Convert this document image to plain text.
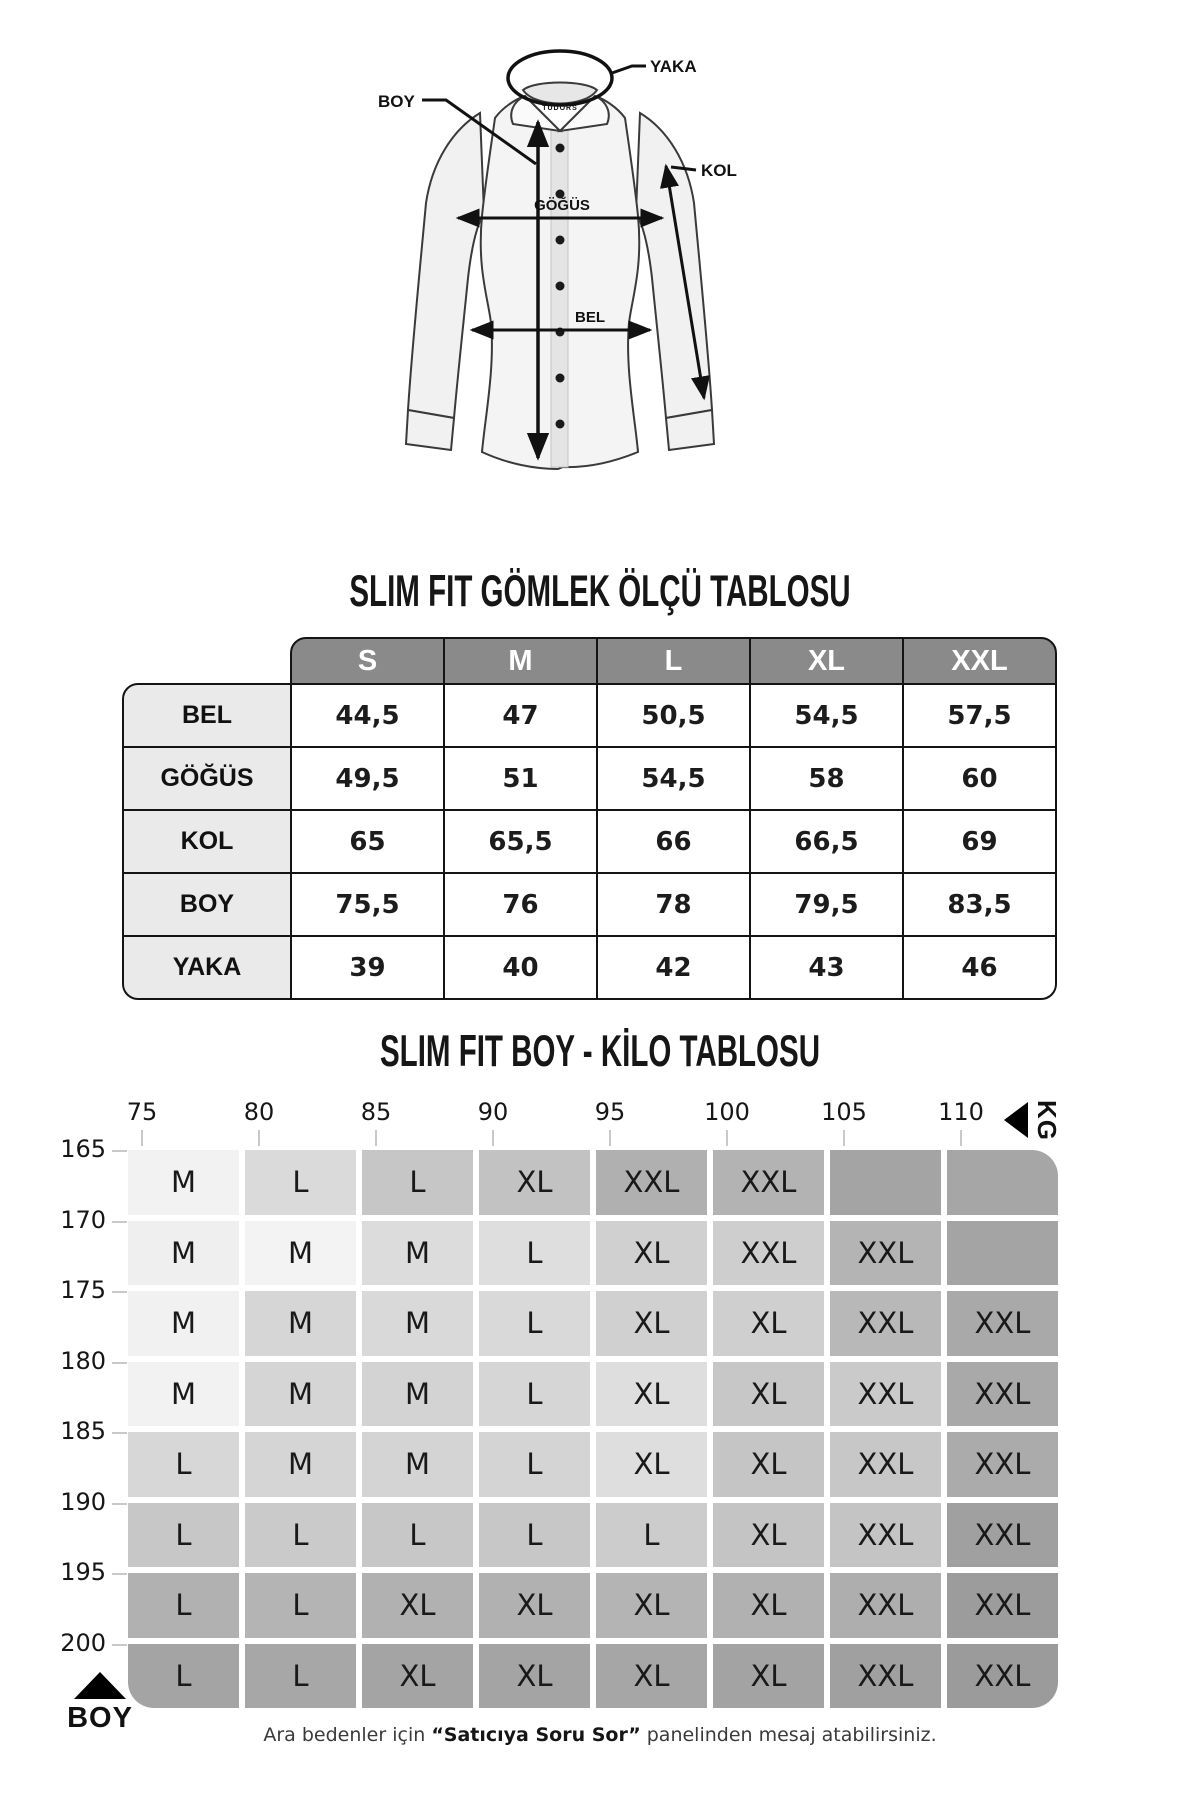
TUDORS
BOY
YAKA
KOL
GÖĞÜS
BEL
SLIM FIT GÖMLEK ÖLÇÜ TABLOSU
S	M	L	XL	XXL
BEL	44,5	47	50,5	54,5	57,5
GÖĞÜS	49,5	51	54,5	58	60
KOL	65	65,5	66	66,5	69
BOY	75,5	76	78	79,5	83,5
YAKA	39	40	42	43	46
SLIM FIT BOY - KİLO TABLOSU
75	80	85	90	95	100	105	110
165
170
175
180
185
190
195
200
KG
M	L	L	XL	XXL	XXL
M	M	M	L	XL	XXL	XXL
M	M	M	L	XL	XL	XXL	XXL
M	M	M	L	XL	XL	XXL	XXL
L	M	M	L	XL	XL	XXL	XXL
L	L	L	L	L	XL	XXL	XXL
L	L	XL	XL	XL	XL	XXL	XXL
L	L	XL	XL	XL	XL	XXL	XXL
BOY
Ara bedenler için “Satıcıya Soru Sor” panelinden mesaj atabilirsiniz.
